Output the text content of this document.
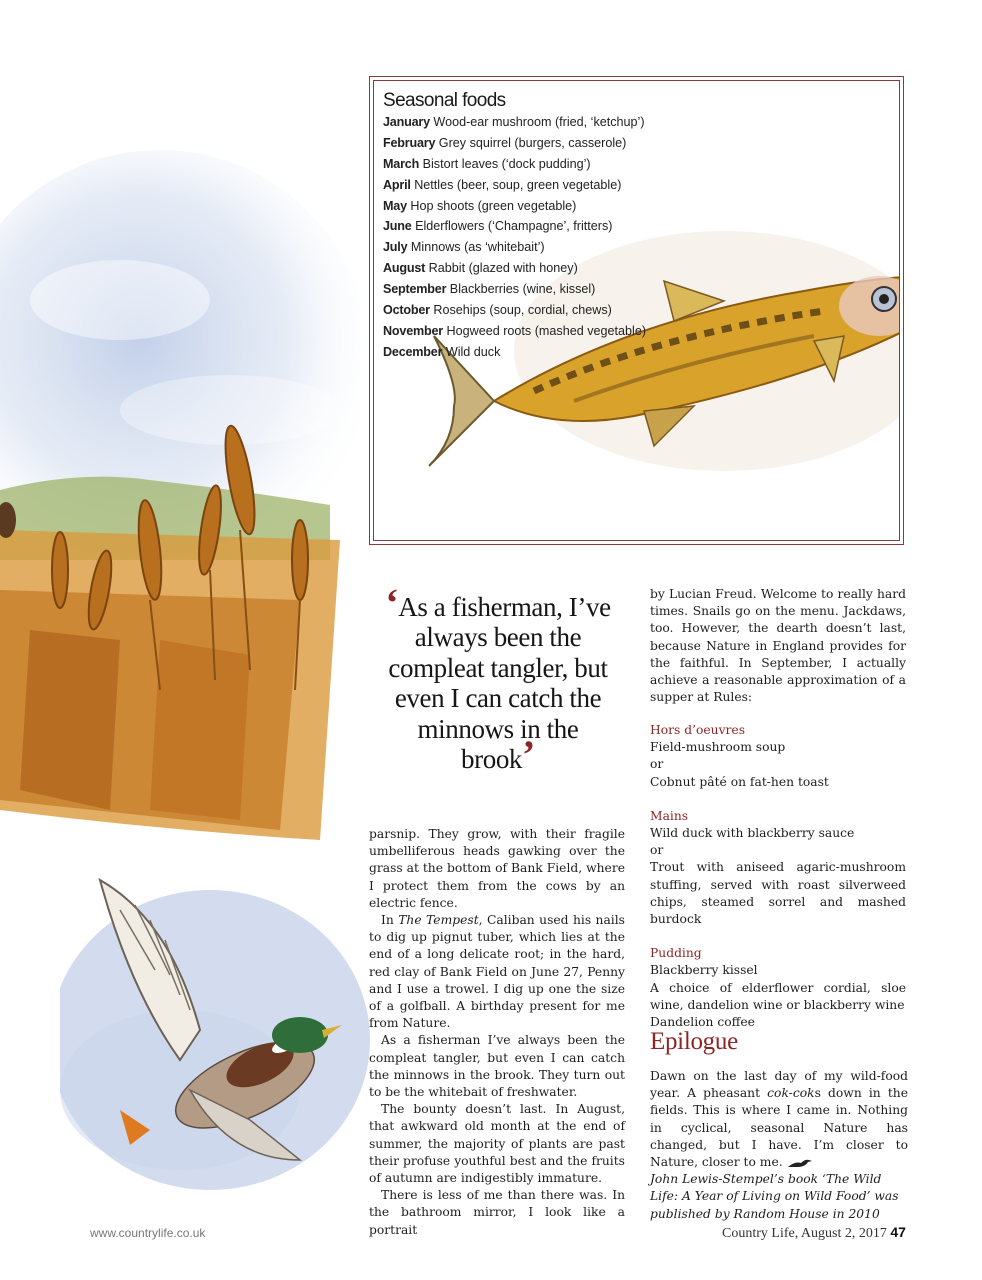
Seasonal foods
January Wood-ear mushroom (fried, ‘ketchup’)
February Grey squirrel (burgers, casserole)
March Bistort leaves (‘dock pudding’)
April Nettles (beer, soup, green vegetable)
May Hop shoots (green vegetable)
June Elderflowers (‘Champagne’, fritters)
July Minnows (as ‘whitebait’)
August Rabbit (glazed with honey)
September Blackberries (wine, kissel)
October Rosehips (soup, cordial, chews)
November Hogweed roots (mashed vegetable)
December Wild duck
‘As a fisherman, I’ve always been the compleat tangler, but even I can catch the minnows in the brook’

parsnip. They grow, with their fragile umbelliferous heads gawking over the grass at the bottom of Bank Field, where I protect them from the cows by an electric fence.

In The Tempest, Caliban used his nails to dig up pignut tuber, which lies at the end of a long delicate root; in the hard, red clay of Bank Field on June 27, Penny and I use a trowel. I dig up one the size of a golfball. A birthday present for me from Nature.

As a fisherman I’ve always been the compleat tangler, but even I can catch the minnows in the brook. They turn out to be the whitebait of freshwater.

The bounty doesn’t last. In August, that awkward old month at the end of summer, the majority of plants are past their profuse youthful best and the fruits of autumn are indigestibly immature.

There is less of me than there was. In the bathroom mirror, I look like a portrait

by Lucian Freud. Welcome to really hard times. Snails go on the menu. Jackdaws, too. However, the dearth doesn’t last, because Nature in England provides for the faithful. In September, I actually achieve a reasonable approximation of a supper at Rules:

Hors d’oeuvres
Field-mushroom soup
or
Cobnut pâté on fat-hen toast
Mains
Wild duck with blackberry sauce
or
Trout with aniseed agaric-mushroom stuffing, served with roast silverweed chips, steamed sorrel and mashed burdock
Pudding
Blackberry kissel
A choice of elderflower cordial, sloe wine, dandelion wine or blackberry wine
Dandelion coffee
Epilogue

Dawn on the last day of my wild-food year. A pheasant cok-coks down in the fields. This is where I came in. Nothing in cyclical, seasonal Nature has changed, but I have. I’m closer to Nature, closer to me.

John Lewis-Stempel’s book ‘The Wild Life: A Year of Living on Wild Food’ was published by Random House in 2010

www.countrylife.co.uk	Country Life, August 2, 2017 47
